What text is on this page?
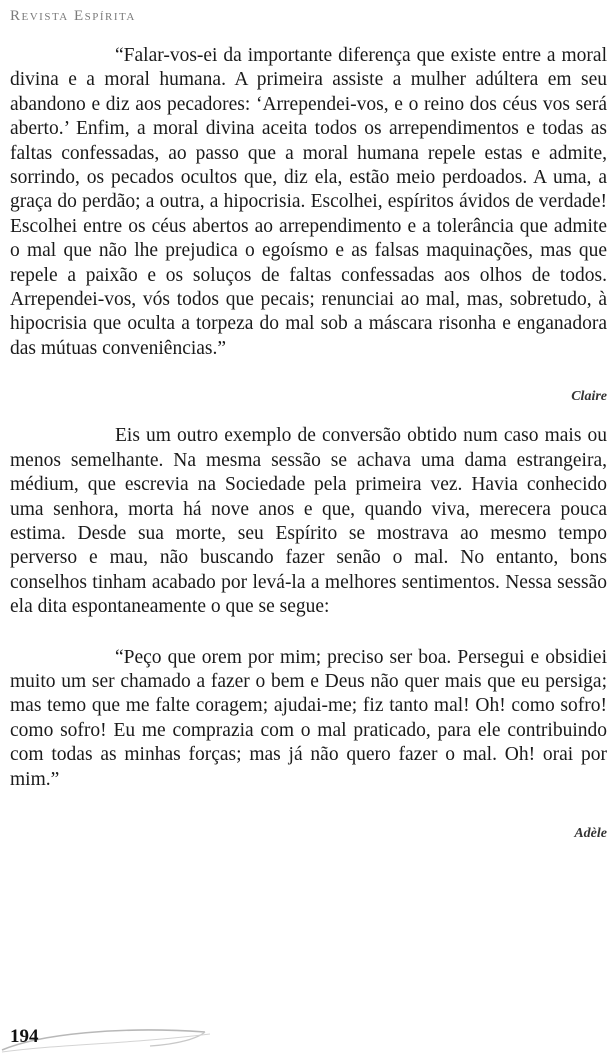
Revista Espírita

“Falar-vos-ei da importante diferença que existe entre a moral divina e a moral humana. A primeira assiste a mulher adúltera em seu abandono e diz aos pecadores: ‘Arrependei-vos, e o reino dos céus vos será aberto.’ Enfim, a moral divina aceita todos os arrependimentos e todas as faltas confessadas, ao passo que a moral humana repele estas e admite, sorrindo, os pecados ocultos que, diz ela, estão meio perdoados. A uma, a graça do perdão; a outra, a hipocrisia. Escolhei, espíritos ávidos de verdade! Escolhei entre os céus abertos ao arrependimento e a tolerância que admite o mal que não lhe prejudica o egoísmo e as falsas maquinações, mas que repele a paixão e os soluços de faltas confessadas aos olhos de todos. Arrependei-vos, vós todos que pecais; renunciai ao mal, mas, sobretudo, à hipocrisia que oculta a torpeza do mal sob a máscara risonha e enganadora das mútuas conveniências.”

Claire

Eis um outro exemplo de conversão obtido num caso mais ou menos semelhante. Na mesma sessão se achava uma dama estrangeira, médium, que escrevia na Sociedade pela primeira vez. Havia conhecido uma senhora, morta há nove anos e que, quando viva, merecera pouca estima. Desde sua morte, seu Espírito se mostrava ao mesmo tempo perverso e mau, não buscando fazer senão o mal. No entanto, bons conselhos tinham acabado por levá-la a melhores sentimentos. Nessa sessão ela dita espontaneamente o que se segue:

“Peço que orem por mim; preciso ser boa. Persegui e obsidiei muito um ser chamado a fazer o bem e Deus não quer mais que eu persiga; mas temo que me falte coragem; ajudai-me; fiz tanto mal! Oh! como sofro! como sofro! Eu me comprazia com o mal praticado, para ele contribuindo com todas as minhas forças; mas já não quero fazer o mal. Oh! orai por mim.”

Adèle

194
